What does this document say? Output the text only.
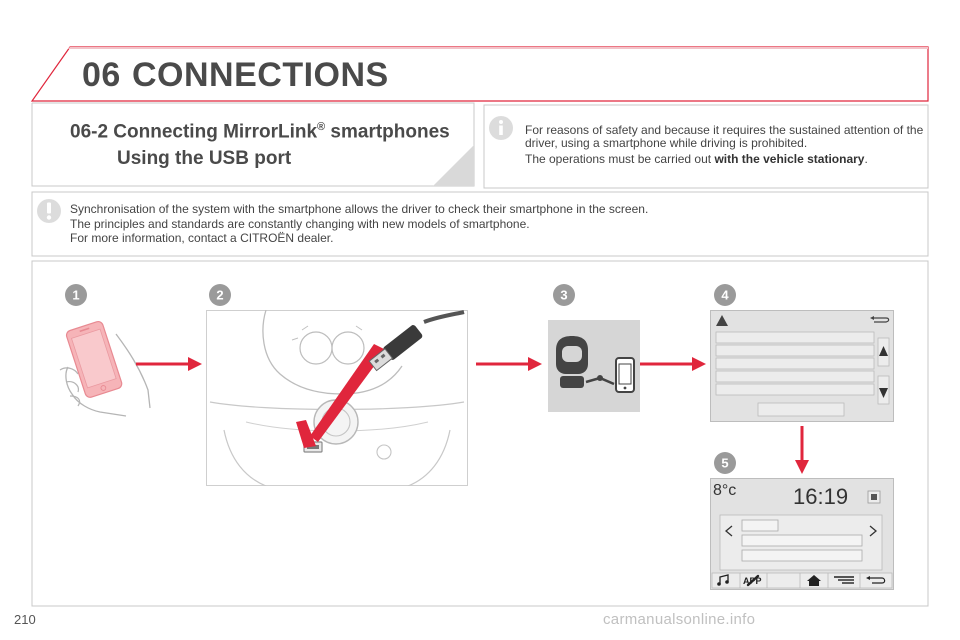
06 CONNECTIONS
06-2 Connecting MirrorLink® smartphones
Using the USB port

For reasons of safety and because it requires the sustained attention of the driver, using a smartphone while driving is prohibited.

The operations must be carried out with the vehicle stationary.

Synchronisation of the system with the smartphone allows the driver to check their smartphone in the screen.
The principles and standards are constantly changing with new models of smartphone.
For more information, contact a CITROËN dealer.
1	2	3	4
5
8°c	16:19
APP
210	carmanualsonline.info
